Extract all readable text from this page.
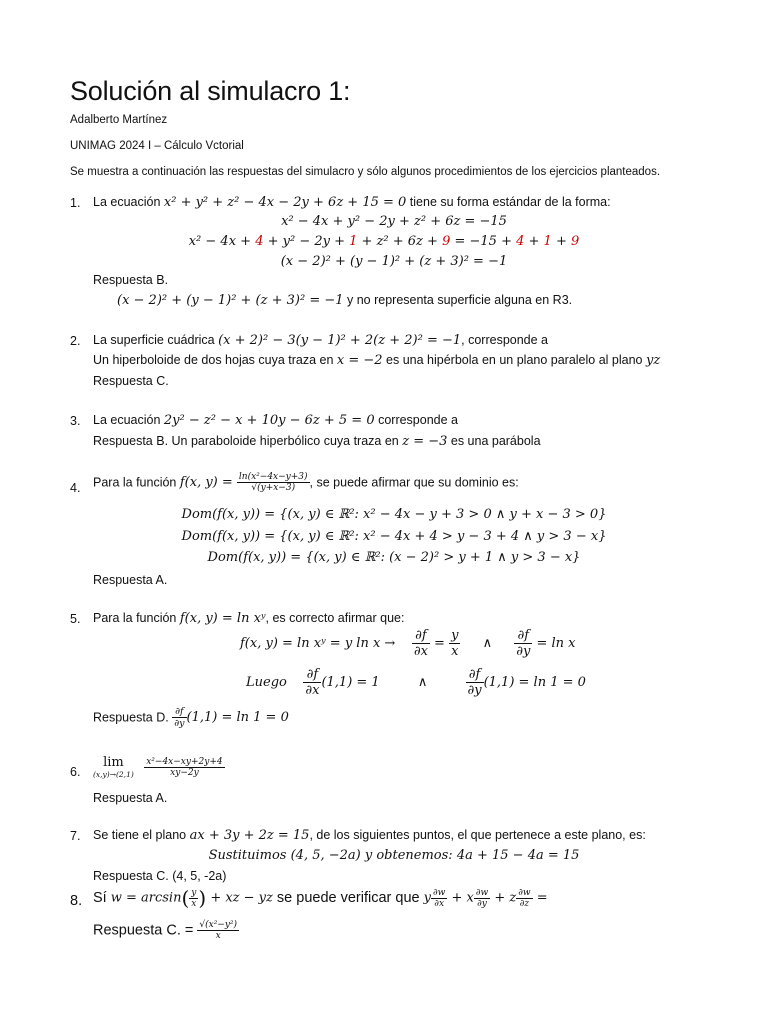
Solución al simulacro 1:
Adalberto Martínez
UNIMAG 2024 I – Cálculo Vctorial
Se muestra a continuación las respuestas del simulacro y sólo algunos procedimientos de los ejercicios planteados.
1. La ecuación x² + y² + z² − 4x − 2y + 6z + 15 = 0 tiene su forma estándar de la forma:
x² − 4x + y² − 2y + z² + 6z = −15
x² − 4x + 4 + y² − 2y + 1 + z² + 6z + 9 = −15 + 4 + 1 + 9
(x − 2)² + (y − 1)² + (z + 3)² = −1
Respuesta B.
(x − 2)² + (y − 1)² + (z + 3)² = −1 y no representa superficie alguna en R3.
2. La superficie cuádrica (x + 2)² − 3(y − 1)² + 2(z + 2)² = −1, corresponde a
Un hiperboloide de dos hojas cuya traza en x = −2 es una hipérbola en un plano paralelo al plano yz
Respuesta C.
3. La ecuación 2y² − z² − x + 10y − 6z + 5 = 0 corresponde a
Respuesta B. Un paraboloide hiperbólico cuya traza en z = −3 es una parábola
4. Para la función f(x, $y) = \frac{\text{ln(x²−4x−y+3)}}{√(y+x-3)}$ , se puede afirmar que su dominio es:
Dom(f(x, y)) = {(x, y) ∈ ℝ²: x² − 4x − y + 3 > 0 ∧ y + x − 3 > 0}
Dom(f(x, y)) = {(x, y) ∈ ℝ²: x² − 4x + 4 > y − 3 + 4 ∧ y > 3 − x}
Dom(f(x, y)) = {(x, y) ∈ ℝ²: (x − 2)² > y + 1 ∧ y > 3 − x}
Respuesta A.
5. Para la función f(x, y) = ln xʸ, es correcto afirmar que:
f(x, y) = ln xʸ = y $\ln x \to \frac{\partial f}{\partial x} = \frac{y}{x}$ ∧ $\frac{\partial f}{\partial y} = \ln x$
Luego $\frac{\partial f}{\partial x} (1,1) = 1$	∧	$\frac{\partial f}{\partial y} (1,1) = \ln 1 = 0$
Respuesta D. $\frac{\partial f}{\partial y} (1,1) = \ln 1 = 0$
6.
lim
(x,y)→(2,1)
$\frac{\text{x²−4x−xy+2y+4}}{xy-2y}$
Respuesta A.
7. Se tiene el plano ax + 3y + 2z = 15, de los siguientes puntos, el que pertenece a este plano, es:
Sustituimos (4, 5, −2a) y obtenemos: 4a + 15 − 4a = 15
Respuesta C. (4, 5, -2a)
8. Sí $w = \arcsin( \frac{y}{x}$ ) + xz − yz se puede verificar que y $\frac{\partial w}{\partial x} + x \frac{\partial w}{\partial y} + z \frac{\partial w}{\partial z}$ =
Respuesta C. = $\frac{\text{√(x²−y²)}}{x}$
